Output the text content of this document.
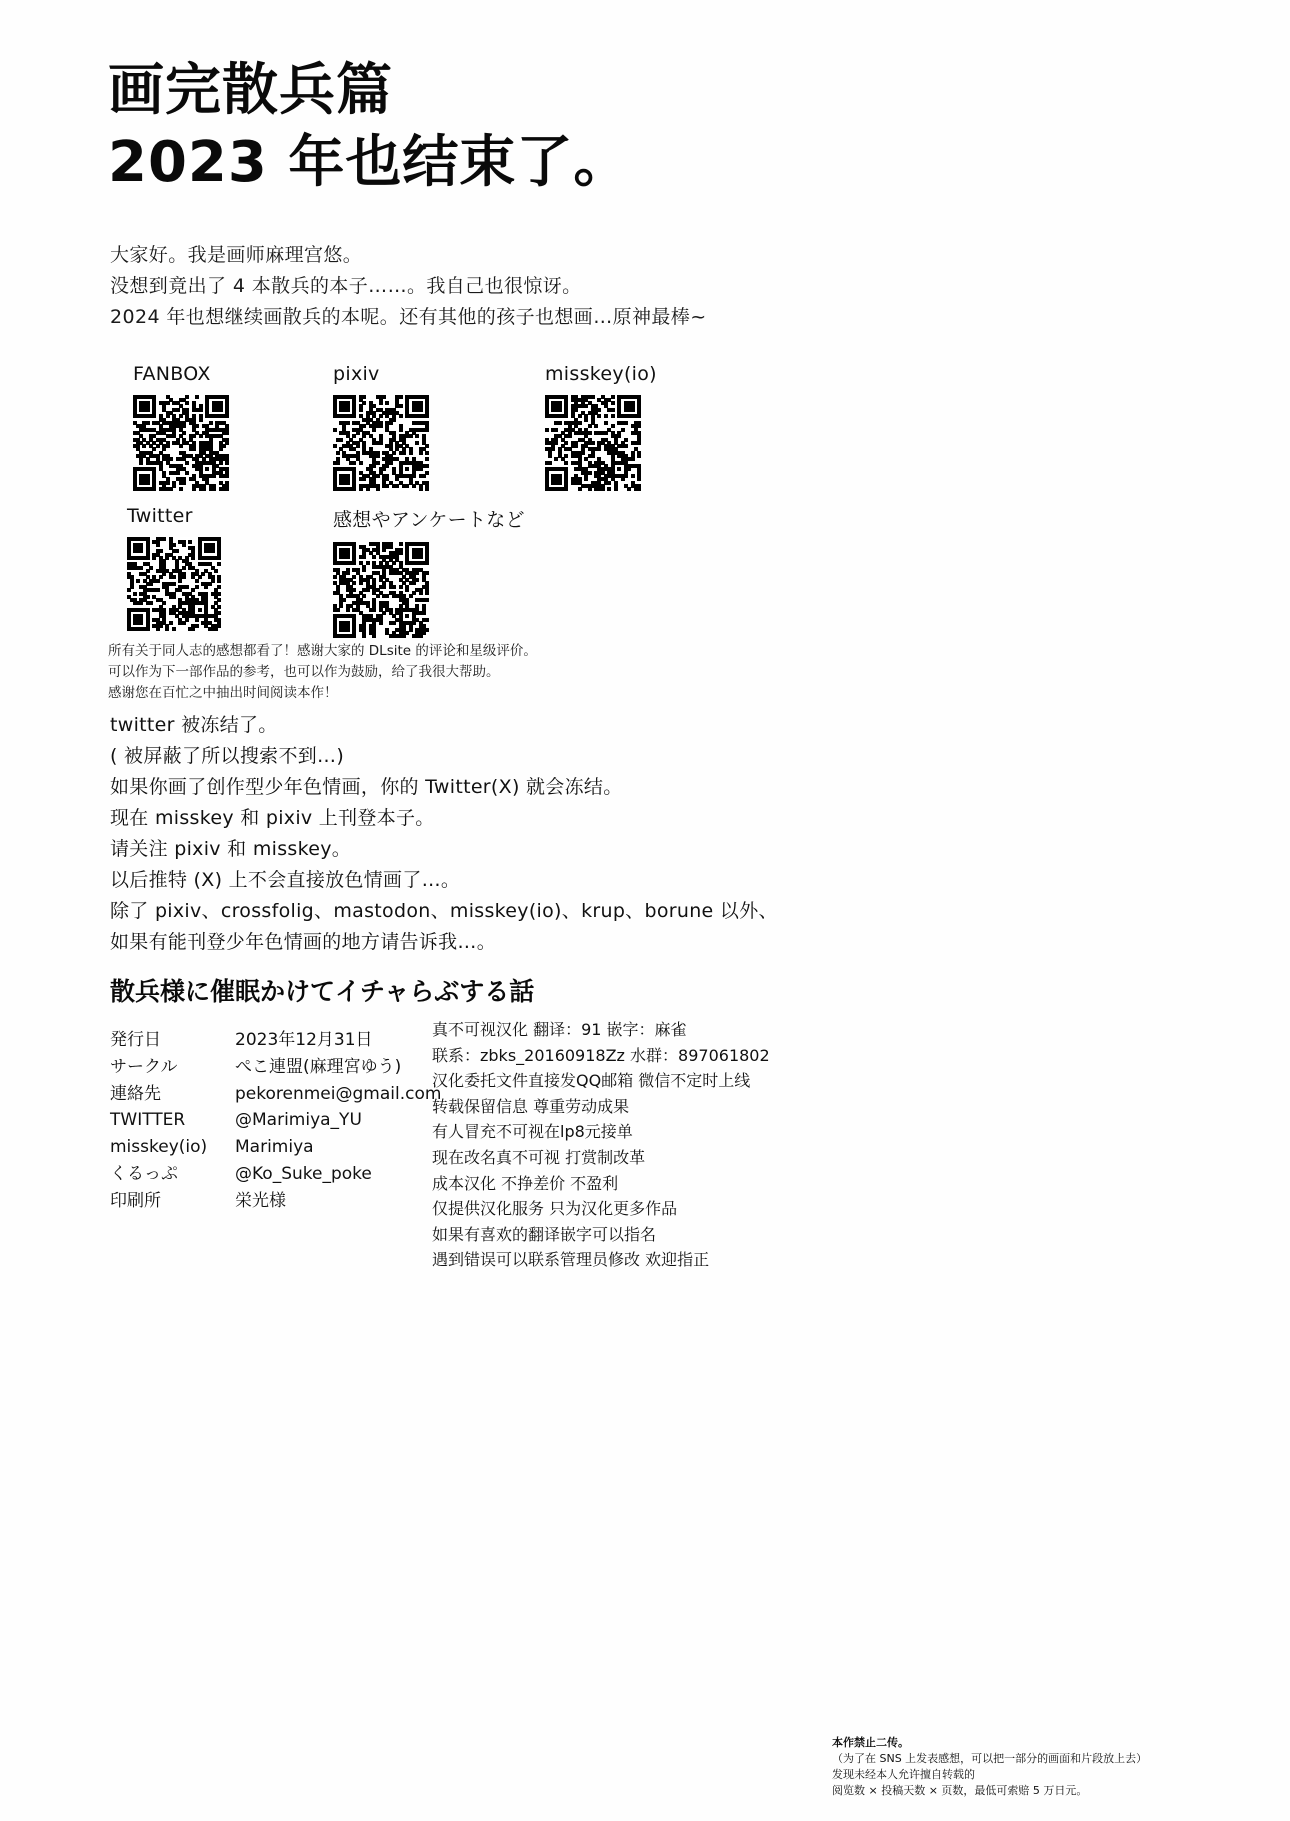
画完散兵篇
2023 年也结束了。
大家好。我是画师麻理宫悠。
没想到竟出了 4 本散兵的本子……。我自己也很惊讶。
2024 年也想继续画散兵的本呢。还有其他的孩子也想画…原神最棒~
FANBOX	pixiv	misskey(io)
Twitter	感想やアンケートなど
所有关于同人志的感想都看了！感谢大家的 DLsite 的评论和星级评价。
可以作为下一部作品的参考，也可以作为鼓励，给了我很大帮助。
感谢您在百忙之中抽出时间阅读本作！
twitter 被冻结了。
( 被屏蔽了所以搜索不到…)
如果你画了创作型少年色情画，你的 Twitter(X) 就会冻结。
现在 misskey 和 pixiv 上刊登本子。
请关注 pixiv 和 misskey。
以后推特 (X) 上不会直接放色情画了…。
除了 pixiv、crossfolig、mastodon、misskey(io)、krup、borune 以外、
如果有能刊登少年色情画的地方请告诉我…。
散兵様に催眠かけてイチャらぶする話
発行日	2023年12月31日
サークル	ぺこ連盟(麻理宮ゆう)
連絡先	pekorenmei@gmail.com
TWITTER	@Marimiya_YU
misskey(io)	Marimiya
くるっぷ	@Ko_Suke_poke
印刷所	栄光様
真不可视汉化 翻译：91 嵌字：麻雀
联系：zbks_20160918Zz 水群：897061802
汉化委托文件直接发QQ邮箱 微信不定时上线
转载保留信息 尊重劳动成果
有人冒充不可视在lp8元接单
现在改名真不可视 打赏制改革
成本汉化 不挣差价 不盈利
仅提供汉化服务 只为汉化更多作品
如果有喜欢的翻译嵌字可以指名
遇到错误可以联系管理员修改 欢迎指正
本作禁止二传。
（为了在 SNS 上发表感想，可以把一部分的画面和片段放上去）
发现未经本人允许擅自转载的
阅览数 × 投稿天数 × 页数，最低可索赔 5 万日元。
